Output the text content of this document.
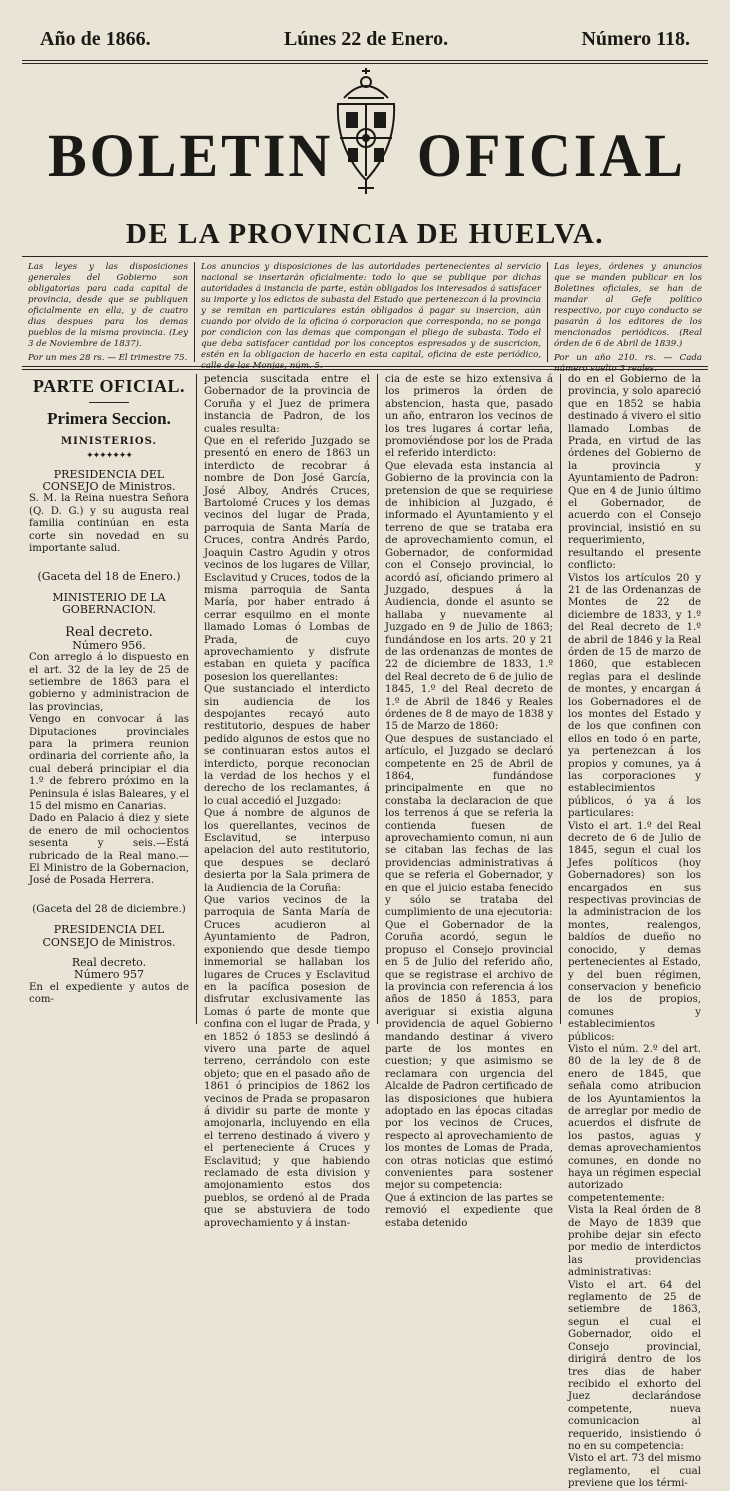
Año de 1866.	Lúnes 22 de Enero.	Número 118.
BOLETIN OFICIAL
DE LA PROVINCIA DE HUELVA.
Las leyes y las disposiciones generales del Gobierno son obligatorias para cada capital de provincia, desde que se publiquen oficialmente en ella, y de cuatro dias despues para los demas pueblos de la misma provincia. (Ley 3 de Noviembre de 1837).
Por un mes 28 rs. — El trimestre 75.
Los anuncios y disposiciones de las autoridades pertenecientes al servicio nacional se insertarán oficialmente: todo lo que se publique por dichas autoridades á instancia de parte, están obligados los interesados á satisfacer su importe y los edictos de subasta del Estado que pertenezcan á la provincia y se remitan en particulares están obligados á pagar su insercion, aún cuando por olvido de la oficina ó corporacion que corresponda, no se ponga por condicion con las demas que compongan el pliego de subasta. Todo el que deba satisfacer cantidad por los conceptos espresados y de suscricion, estén en la obligacion de hacerlo en esta capital, oficina de este periódico, calle de las Monjas, núm. 5.
Las leyes, órdenes y anuncios que se manden publicar en los Boletines oficiales, se han de mandar al Gefe político respectivo, por cuyo conducto se pasarán á los editores de los mencionados periódicos. (Real órden de 6 de Abril de 1839.)
Por un año 210. rs. — Cada número suelto 3 reales.
PARTE OFICIAL.
Primera Seccion.
MINISTERIOS.
✦✦✦✦✦✦✦

PRESIDENCIA DEL CONSEJO de Ministros.

S. M. la Reina nuestra Señora (Q. D. G.) y su augusta real familia continúan en esta corte sin novedad en su importante salud.

(Gaceta del 18 de Enero.)

MINISTERIO DE LA GOBERNACION.

Real decreto.

Número 956.

Con arreglo á lo dispuesto en el art. 32 de la ley de 25 de setiembre de 1863 para el gobierno y administracion de las provincias,

Vengo en convocar á las Diputaciones provinciales para la primera reunion ordinaria del corriente año, la cual deberá principiar el dia 1.º de febrero próximo en la Peninsula é islas Baleares, y el 15 del mismo en Canarias.

Dado en Palacio á diez y siete de enero de mil ochocientos sesenta y seis.—Está rubricado de la Real mano.—El Ministro de la Gobernacion, José de Posada Herrera.

(Gaceta del 28 de diciembre.)

PRESIDENCIA DEL CONSEJO de Ministros.

Real decreto.

Número 957

En el expediente y autos de com-

petencia suscitada entre el Gobernador de la provincia de Coruña y el Juez de primera instancia de Padron, de los cuales resulta:

Que en el referido Juzgado se presentó en enero de 1863 un interdicto de recobrar á nombre de Don José García, José Alboy, Andrés Cruces, Bartolomé Cruces y los demas vecinos del lugar de Prada, parroquia de Santa María de Cruces, contra Andrés Pardo, Joaquin Castro Agudin y otros vecinos de los lugares de Villar, Esclavitud y Cruces, todos de la misma parroquia de Santa María, por haber entrado á cerrar esquilmo en el monte llamado Lomas ó Lombas de Prada, de cuyo aprovechamiento y disfrute estaban en quieta y pacífica posesion los querellantes:

Que sustanciado el interdicto sin audiencia de los despojantes recayó auto restitutorio, despues de haber pedido algunos de estos que no se continuaran estos autos el interdicto, porque reconocian la verdad de los hechos y el derecho de los reclamantes, á lo cual accedió el Juzgado:

Que á nombre de algunos de los querellantes, vecinos de Esclavitud, se interpuso apelacion del auto restitutorio, que despues se declaró desierta por la Sala primera de la Audiencia de la Coruña:

Que varios vecinos de la parroquia de Santa María de Cruces acudieron al Ayuntamiento de Padron, exponiendo que desde tiempo inmemorial se hallaban los lugares de Cruces y Esclavitud en la pacífica posesion de disfrutar exclusivamente las Lomas ó parte de monte que confina con el lugar de Prada, y en 1852 ó 1853 se deslindó á vivero una parte de aquel terreno, cerrándolo con este objeto; que en el pasado año de 1861 ó principios de 1862 los vecinos de Prada se propasaron á dividir su parte de monte y amojonarla, incluyendo en ella el terreno destinado á vivero y el perteneciente á Cruces y Esclavitud; y que habiendo reclamado de esta division y amojonamiento estos dos pueblos, se ordenó al de Prada que se abstuviera de todo aprovechamiento y á instan-

cia de este se hizo extensiva á los primeros la órden de abstencion, hasta que, pasado un año, entraron los vecinos de los tres lugares á cortar leña, promoviéndose por los de Prada el referido interdicto:

Que elevada esta instancia al Gobierno de la provincia con la pretension de que se requiriese de inhibicion al Juzgado, é informado el Ayuntamiento y el terreno de que se trataba era de aprovechamiento comun, el Gobernador, de conformidad con el Consejo provincial, lo acordó así, oficiando primero al Juzgado, despues á la Audiencia, donde el asunto se hallaba y nuevamente al Juzgado en 9 de Julio de 1863; fundándose en los arts. 20 y 21 de las ordenanzas de montes de 22 de diciembre de 1833, 1.º del Real decreto de 6 de julio de 1845, 1.º del Real decreto de 1.º de Abril de 1846 y Reales órdenes de 8 de mayo de 1838 y 15 de Marzo de 1860:

Que despues de sustanciado el artículo, el Juzgado se declaró competente en 25 de Abril de 1864, fundándose principalmente en que no constaba la declaracion de que los terrenos á que se referia la contienda fuesen de aprovechamiento comun, ni aun se citaban las fechas de las providencias administrativas á que se referia el Gobernador, y en que el juicio estaba fenecido y sólo se trataba del cumplimiento de una ejecutoria:

Que el Gobernador de la Coruña acordó, segun le propuso el Consejo provincial en 5 de Julio del referido año, que se registrase el archivo de la provincia con referencia á los años de 1850 á 1853, para averiguar si existia alguna providencia de aquel Gobierno mandando destinar á vivero parte de los montes en cuestion; y que asimismo se reclamara con urgencia del Alcalde de Padron certificado de las disposiciones que hubiera adoptado en las épocas citadas por los vecinos de Cruces, respecto al aprovechamiento de los montes de Lomas de Prada, con otras noticias que estimó convenientes para sostener mejor su competencia:

Que á extincion de las partes se removió el expediente que estaba detenido

do en el Gobierno de la provincia, y solo apareció que en 1852 se habia destinado á vivero el sitio llamado Lombas de Prada, en virtud de las órdenes del Gobierno de la provincia y Ayuntamiento de Padron:

Que en 4 de Junio último el Gobernador, de acuerdo con el Consejo provincial, insistió en su requerimiento, resultando el presente conflicto:

Vistos los artículos 20 y 21 de las Ordenanzas de Montes de 22 de diciembre de 1833, y 1.º del Real decreto de 1.º de abril de 1846 y la Real órden de 15 de marzo de 1860, que establecen reglas para el deslinde de montes, y encargan á los Gobernadores el de los montes del Estado y de los que confinen con ellos en todo ó en parte, ya pertenezcan á los propios y comunes, ya á las corporaciones y establecimientos públicos, ó ya á los particulares:

Visto el art. 1.º del Real decreto de 6 de Julio de 1845, segun el cual los Jefes políticos (hoy Gobernadores) son los encargados en sus respectivas provincias de la administracion de los montes, realengos, baldíos de dueño no conocido, y demas pertenecientes al Estado, y del buen régimen, conservacion y beneficio de los de propios, comunes y establecimientos públicos:

Visto el núm. 2.º del art. 80 de la ley de 8 de enero de 1845, que señala como atribucion de los Ayuntamientos la de arreglar por medio de acuerdos el disfrute de los pastos, aguas y demas aprovechamientos comunes, en donde no haya un régimen especial autorizado competentemente:

Vista la Real órden de 8 de Mayo de 1839 que prohibe dejar sin efecto por medio de interdictos las providencias administrativas:

Visto el art. 64 del reglamento de 25 de setiembre de 1863, segun el cual el Gobernador, oido el Consejo provincial, dirigirá dentro de los tres dias de haber recibido el exhorto del Juez declarándose competente, nueva comunicacion al requerido, insistiendo ó no en su competencia:

Visto el art. 73 del mismo reglamento, el cual previene que los térmi-
